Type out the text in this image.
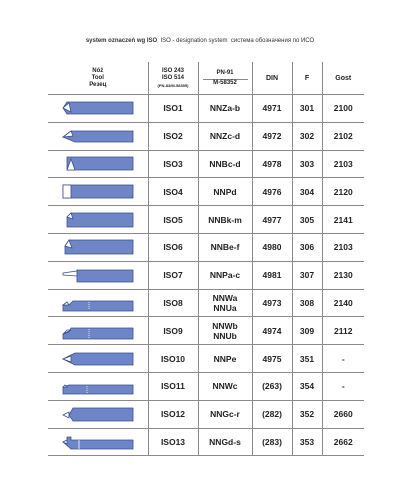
system oznaczeń wg ISO ISO - designation system система обозначения по ИСО
Nóż
Tool
Резец	ISO 243
ISO 514
(PN-83/M-58355)	PN-91
M-58352	DIN	F	Gost

	ISO1	NNZa-b	4971	301	2100

	ISO2	NNZc-d	4972	302	2102

	ISO3	NNBc-d	4978	303	2103

	ISO4	NNPd	4976	304	2120

	ISO5	NNBk-m	4977	305	2141

	ISO6	NNBe-f	4980	306	2103

	ISO7	NNPa-c	4981	307	2130

	ISO8	NNWa
NNUa	4973	308	2140

	ISO9	NNWb
NNUb	4974	309	2112

	ISO10	NNPe	4975	351	-

	ISO11	NNWc	(263)	354	-

	ISO12	NNGc-r	(282)	352	2660

	ISO13	NNGd-s	(283)	353	2662
